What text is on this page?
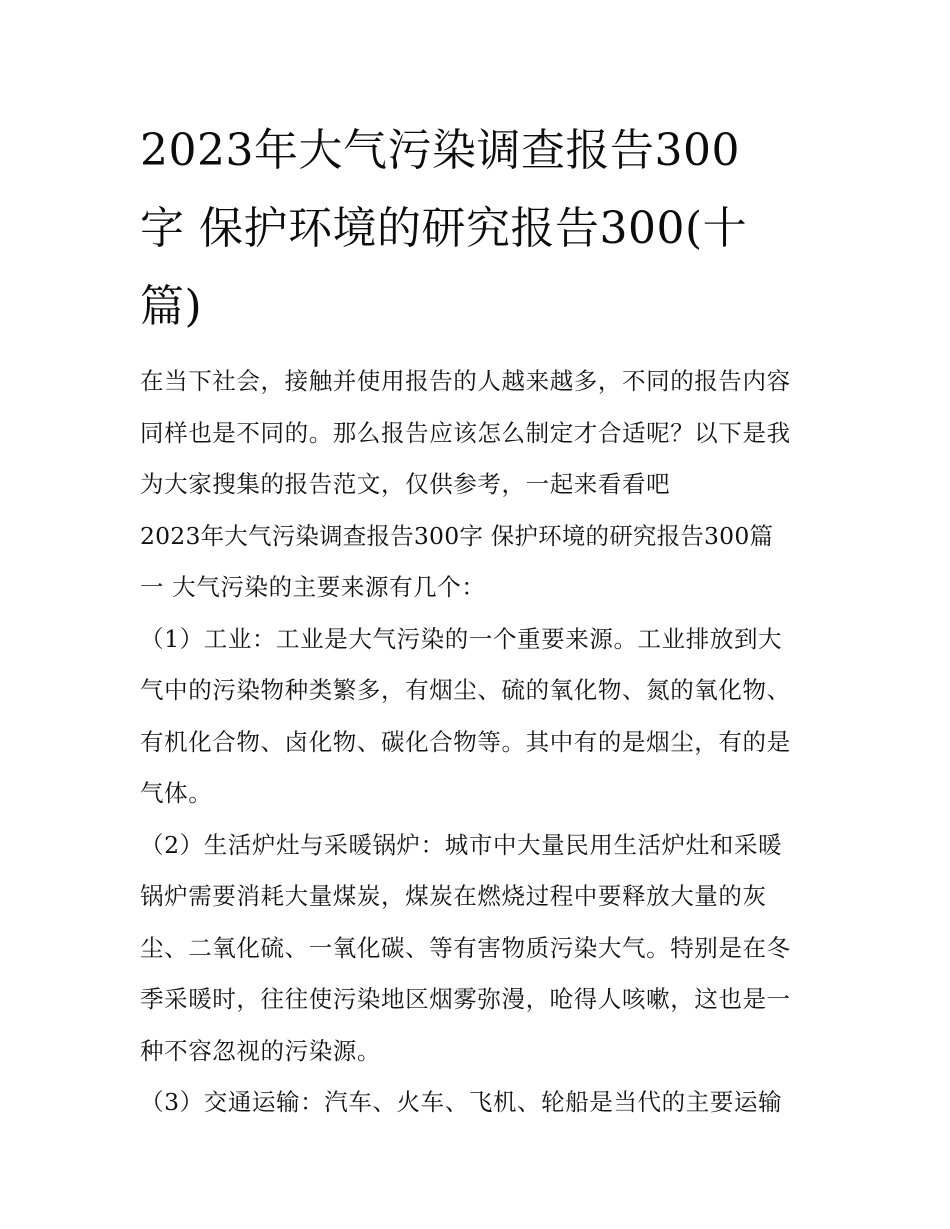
2023年大气污染调查报告300
字 保护环境的研究报告300(十
篇)
在当下社会，接触并使用报告的人越来越多，不同的报告内容
同样也是不同的。那么报告应该怎么制定才合适呢？以下是我
为大家搜集的报告范文，仅供参考，一起来看看吧
2023年大气污染调查报告300字 保护环境的研究报告300篇
一 大气污染的主要来源有几个：
（1）工业：工业是大气污染的一个重要来源。工业排放到大
气中的污染物种类繁多，有烟尘、硫的氧化物、氮的氧化物、
有机化合物、卤化物、碳化合物等。其中有的是烟尘，有的是
气体。
（2）生活炉灶与采暖锅炉：城市中大量民用生活炉灶和采暖
锅炉需要消耗大量煤炭，煤炭在燃烧过程中要释放大量的灰
尘、二氧化硫、一氧化碳、等有害物质污染大气。特别是在冬
季采暖时，往往使污染地区烟雾弥漫，呛得人咳嗽，这也是一
种不容忽视的污染源。
（3）交通运输：汽车、火车、飞机、轮船是当代的主要运输
